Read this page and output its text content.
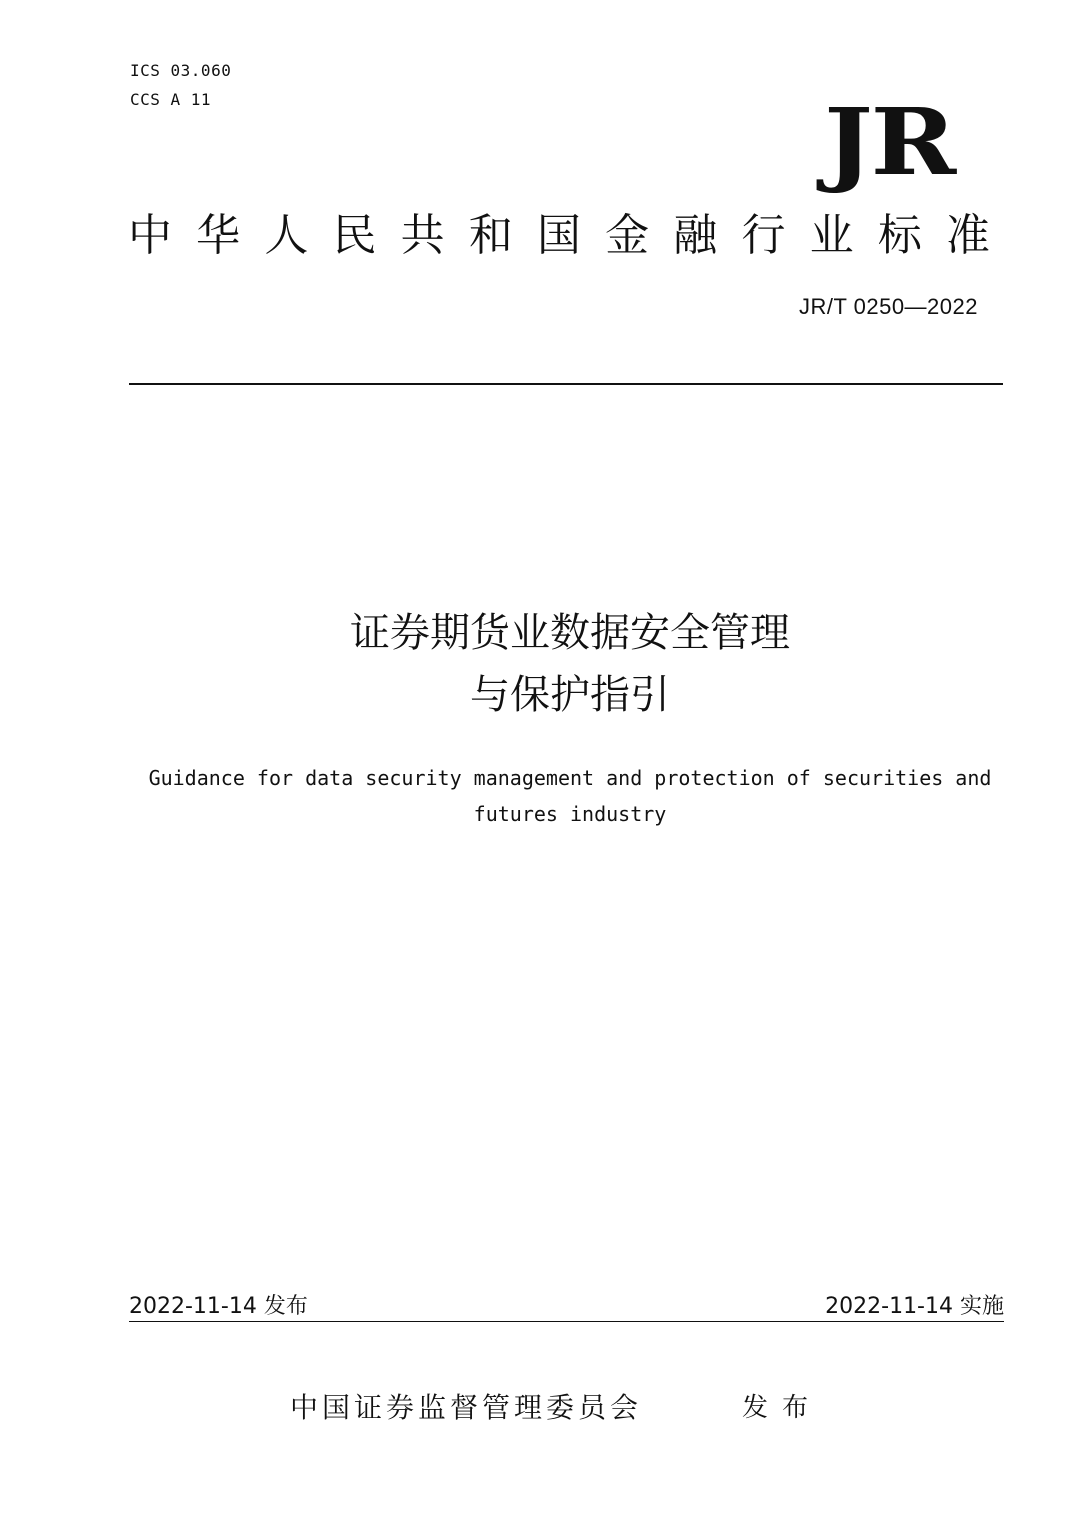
ICS 03.060
CCS A 11	JR
中华人民共和国金融行业标准
JR/T 0250—2022
证券期货业数据安全管理
与保护指引
Guidance for data security management and protection of securities and
futures industry
2022-11-14 发布	2022-11-14 实施
中国证券监督管理委员会	发布
